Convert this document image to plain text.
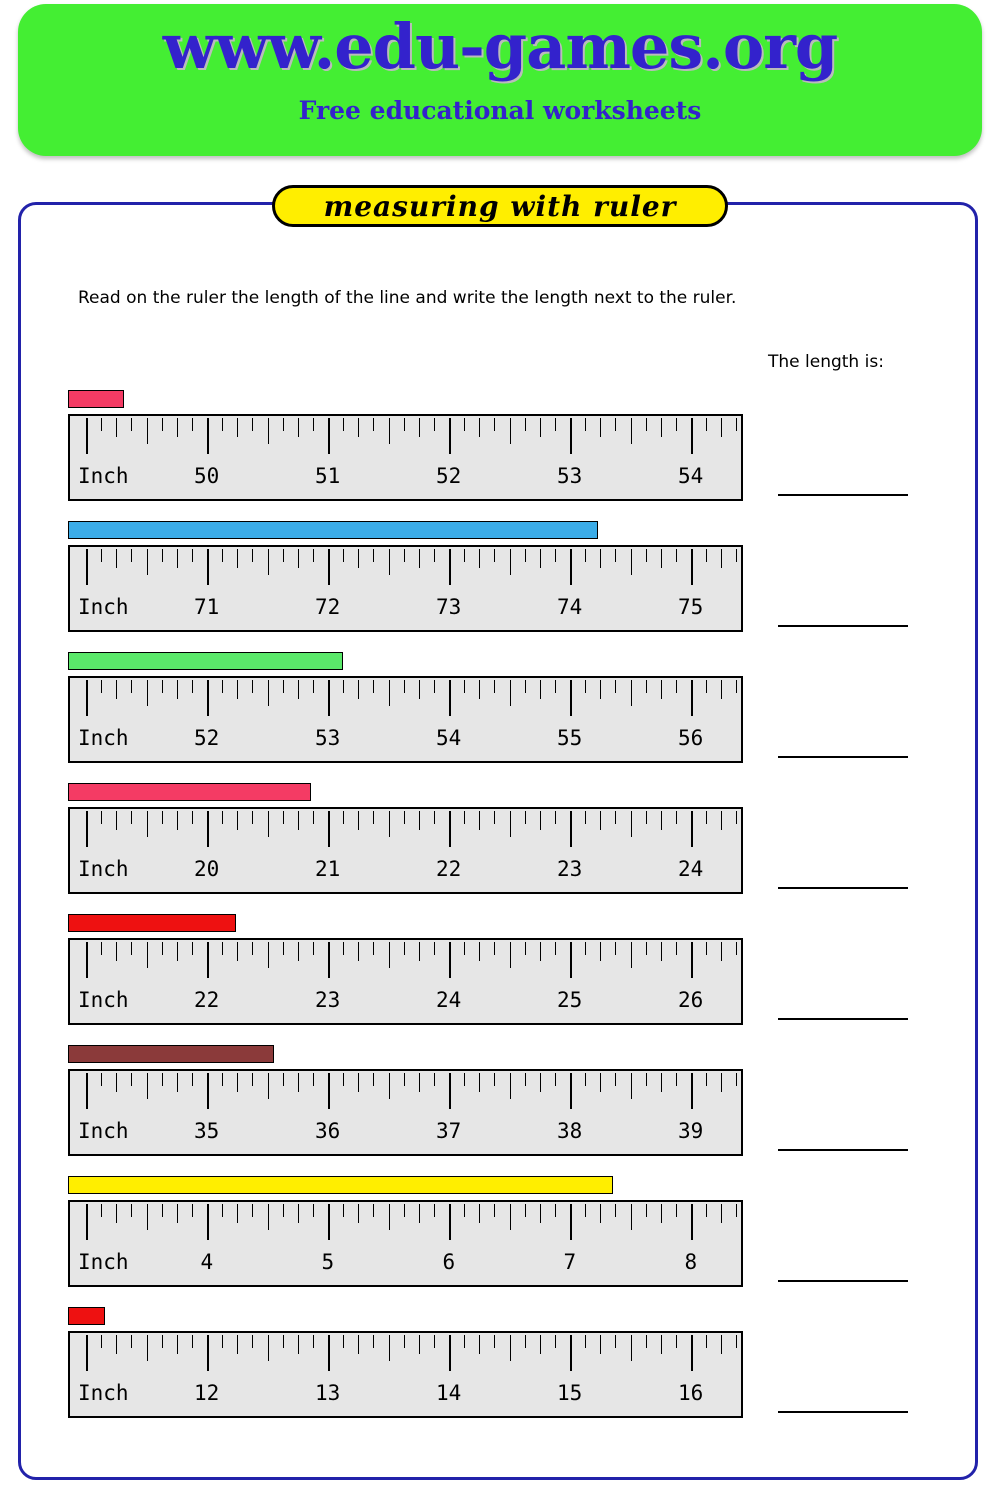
www.edu-games.org
Free educational worksheets
measuring with ruler
Read on the ruler the length of the line and write the length next to the ruler.
The length is:
Inch	50	51	52	53	54
Inch	71	72	73	74	75
Inch	52	53	54	55	56
Inch	20	21	22	23	24
Inch	22	23	24	25	26
Inch	35	36	37	38	39
Inch	4	5	6	7	8
Inch	12	13	14	15	16
